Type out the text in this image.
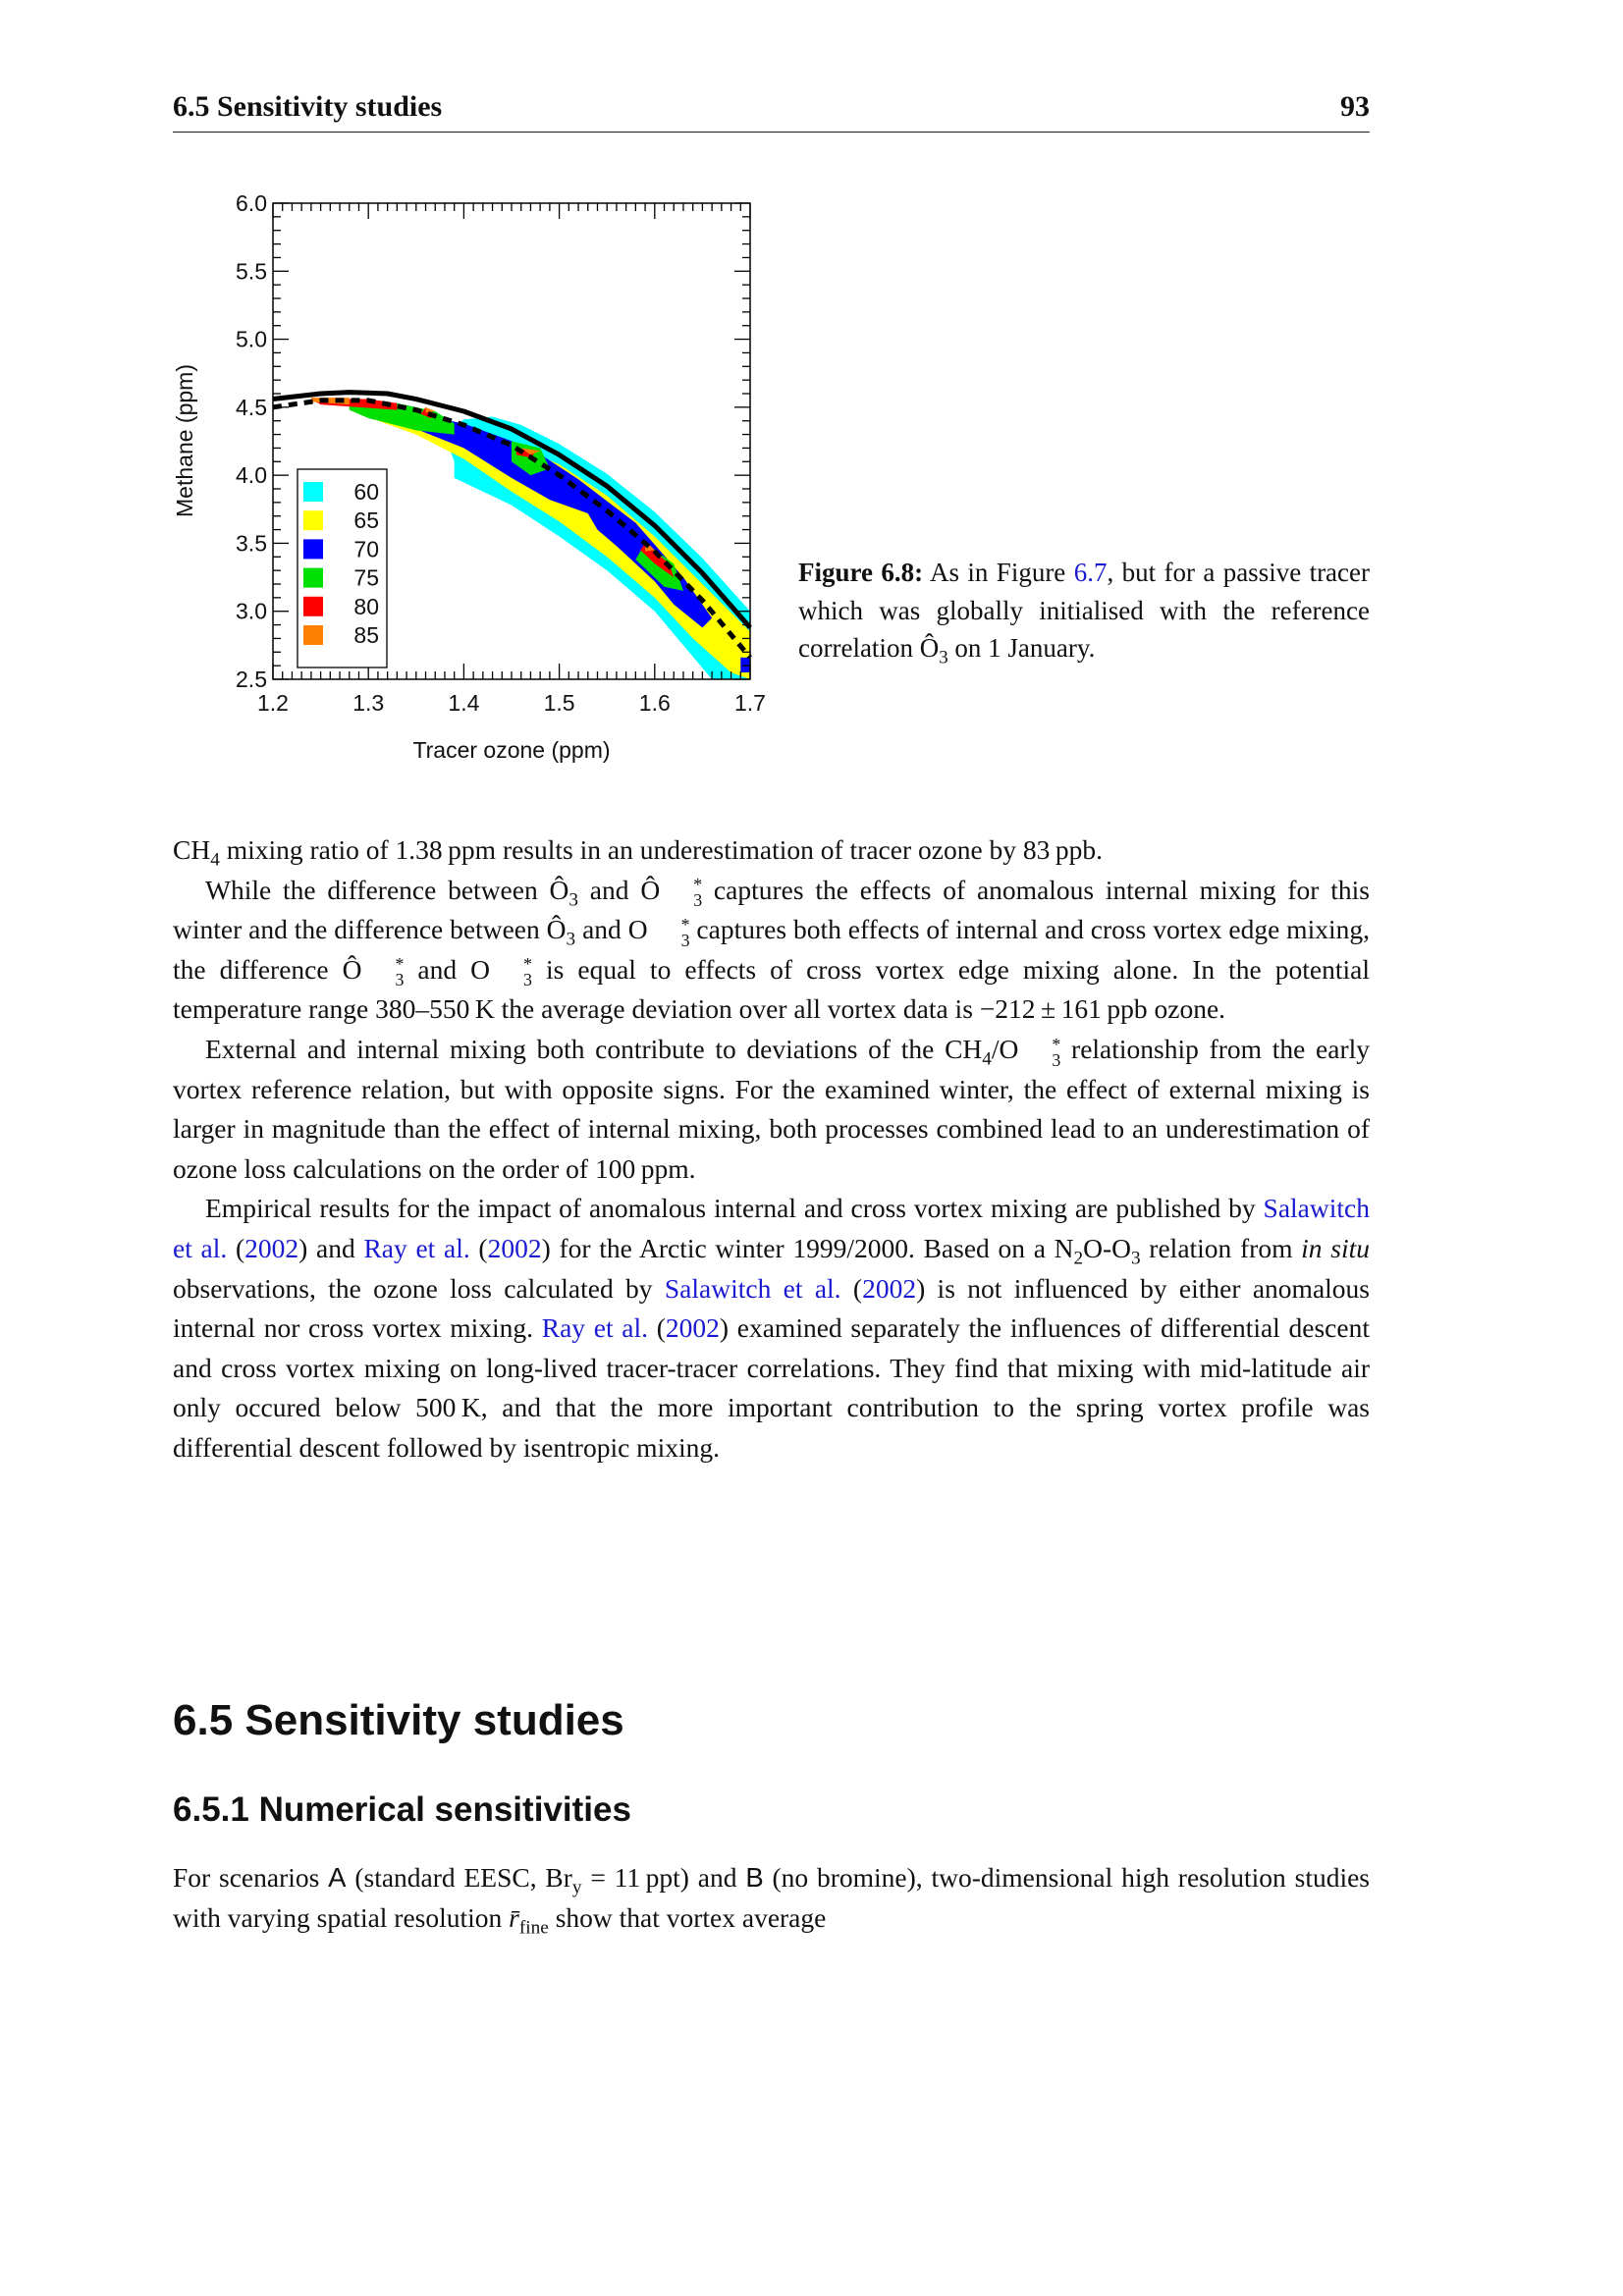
6.5 Sensitivity studies	93
1.2	1.3	1.4	1.5	1.6	1.7
2.5
3.0
3.5
4.0
4.5
5.0
5.5
6.0
Tracer ozone (ppm)
Methane (ppm)	60
65
70
75
80
85
Figure 6.8: As in Figure 6.7, but for a passive tracer which was globally initialised with the reference correlation $Ô_3$ on 1 January.

$CH_4$ mixing ratio of 1.38 ppm results in an underestimation of tracer ozone by 83 ppb.

While the difference between $Ô_3$ and Ô	*
3 captures the effects of anomalous internal mixing for this winter and the difference between $Ô_3$ and O	*
3 captures both effects of internal and cross vortex edge mixing, the difference Ô	*
3 and O	*
3 is equal to effects of cross vortex edge mixing alone. In the potential temperature range 380–550 K the average deviation over all vortex data is −212 ± 161 ppb ozone.

External and internal mixing both contribute to deviations of the $CH_4/O$	*
3 relationship from the early vortex reference relation, but with opposite signs. For the examined winter, the effect of external mixing is larger in magnitude than the effect of internal mixing, both processes combined lead to an underestimation of ozone loss calculations on the order of 100 ppm.

Empirical results for the impact of anomalous internal and cross vortex mixing are published by Salawitch et al. (2002) and Ray et al. (2002) for the Arctic winter 1999/2000. Based on a $N_2O-O_3$ relation from in situ observations, the ozone loss calculated by Salawitch et al. (2002) is not influenced by either anomalous internal nor cross vortex mixing. Ray et al. (2002) examined separately the influences of differential descent and cross vortex mixing on long-lived tracer-tracer correlations. They find that mixing with mid-latitude air only occured below 500 K, and that the more important contribution to the spring vortex profile was differential descent followed by isentropic mixing.

6.5 Sensitivity studies
6.5.1 Numerical sensitivities
For scenarios A (standard EESC, $Br_y = 11$ ppt) and B (no bromine), two-dimensional high resolution studies with varying spatial resolution $r̄_{fine}$ show that vortex average
